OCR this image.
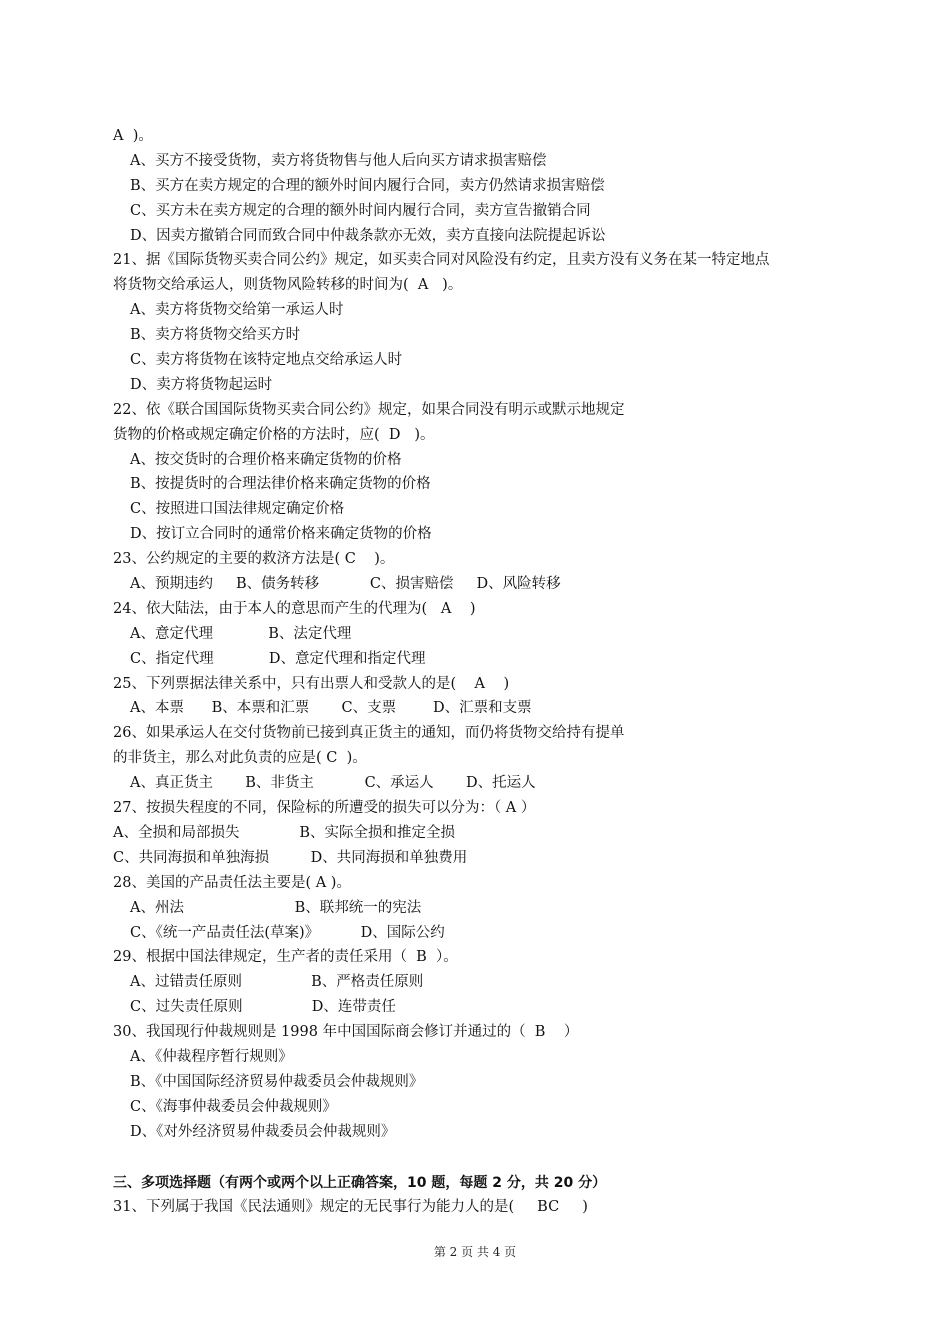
A  )。
A、买方不接受货物，卖方将货物售与他人后向买方请求损害赔偿
B、买方在卖方规定的合理的额外时间内履行合同，卖方仍然请求损害赔偿
C、买方未在卖方规定的合理的额外时间内履行合同，卖方宣告撤销合同
D、因卖方撤销合同而致合同中仲裁条款亦无效，卖方直接向法院提起诉讼
21、据《国际货物买卖合同公约》规定，如买卖合同对风险没有约定，且卖方没有义务在某一特定地点
将货物交给承运人，则货物风险转移的时间为(  A   )。
A、卖方将货物交给第一承运人时
B、卖方将货物交给买方时
C、卖方将货物在该特定地点交给承运人时
D、卖方将货物起运时
22、依《联合国国际货物买卖合同公约》规定，如果合同没有明示或默示地规定
货物的价格或规定确定价格的方法时，应(  D   )。
A、按交货时的合理价格来确定货物的价格
B、按提货时的合理法律价格来确定货物的价格
C、按照进口国法律规定确定价格
D、按订立合同时的通常价格来确定货物的价格
23、公约规定的主要的救济方法是( C    )。
A、预期违约     B、债务转移           C、损害赔偿     D、风险转移
24、依大陆法，由于本人的意思而产生的代理为(   A    )
A、意定代理            B、法定代理
C、指定代理            D、意定代理和指定代理
25、下列票据法律关系中，只有出票人和受款人的是(    A    )
A、本票      B、本票和汇票       C、支票        D、汇票和支票
26、如果承运人在交付货物前已接到真正货主的通知，而仍将货物交给持有提单
的非货主，那么对此负责的应是( C  )。
A、真正货主       B、非货主           C、承运人       D、托运人
27、按损失程度的不同，保险标的所遭受的损失可以分为：（ A ）
A、全损和局部损失             B、实际全损和推定全损
C、共同海损和单独海损         D、共同海损和单独费用
28、美国的产品责任法主要是( A )。
A、州法                        B、联邦统一的宪法
C、《统一产品责任法(草案)》         D、国际公约
29、根据中国法律规定，生产者的责任采用（  B  ）。
A、过错责任原则               B、严格责任原则
C、过失责任原则               D、连带责任
30、我国现行仲裁规则是 1998 年中国国际商会修订并通过的（  B    ）
A、《仲裁程序暂行规则》
B、《中国国际经济贸易仲裁委员会仲裁规则》
C、《海事仲裁委员会仲裁规则》
D、《对外经济贸易仲裁委员会仲裁规则》
三、多项选择题（有两个或两个以上正确答案，10 题，每题 2 分，共 20 分）
31、下列属于我国《民法通则》规定的无民事行为能力人的是(     BC     )
第 2 页 共 4 页
